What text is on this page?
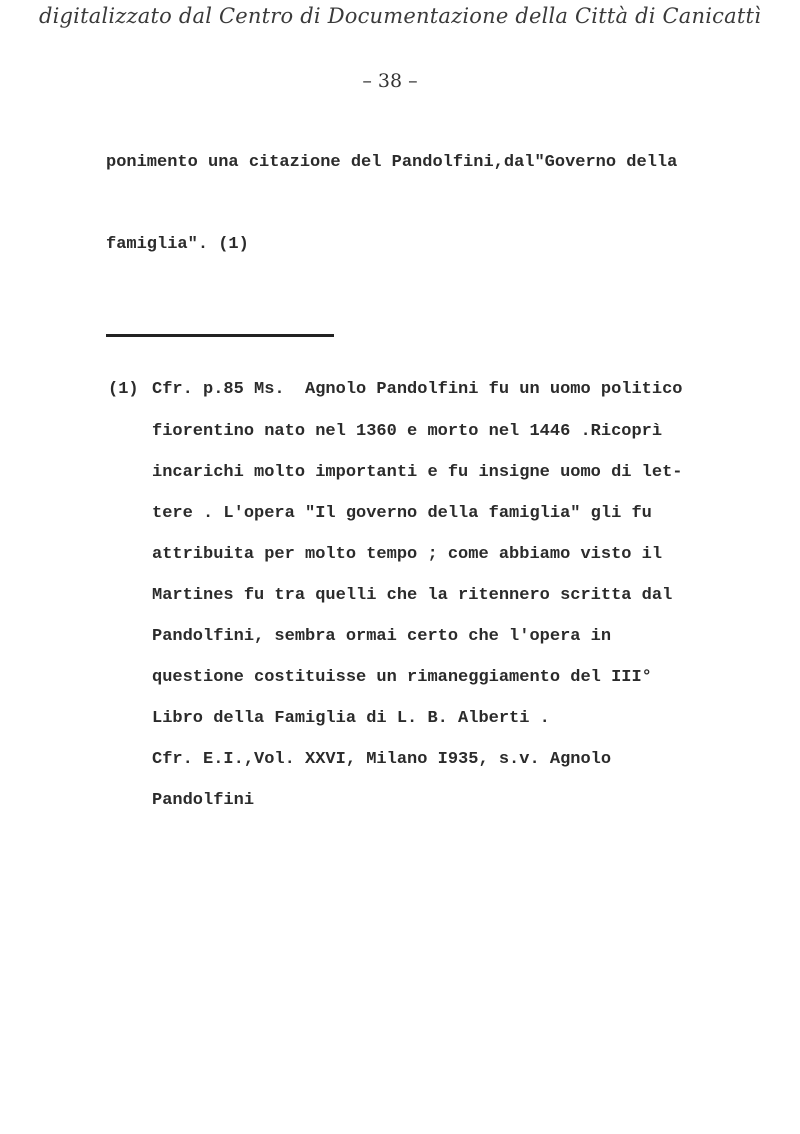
digitalizzato dal Centro di Documentazione della Città di Canicattì
– 38 –
ponimento una citazione del Pandolfini,dal"Governo della
famiglia". (1)
(1) Cfr. p.85 Ms.  Agnolo Pandolfini fu un uomo politico
fiorentino nato nel 1360 e morto nel 1446 .Ricoprì
incarichi molto importanti e fu insigne uomo di let-
tere . L'opera "Il governo della famiglia" gli fu
attribuita per molto tempo ; come abbiamo visto il
Martines fu tra quelli che la ritennero scritta dal
Pandolfini, sembra ormai certo che l'opera in
questione costituisse un rimaneggiamento del III°
Libro della Famiglia di L. B. Alberti .
Cfr. E.I.,Vol. XXVI, Milano I935, s.v. Agnolo
Pandolfini
